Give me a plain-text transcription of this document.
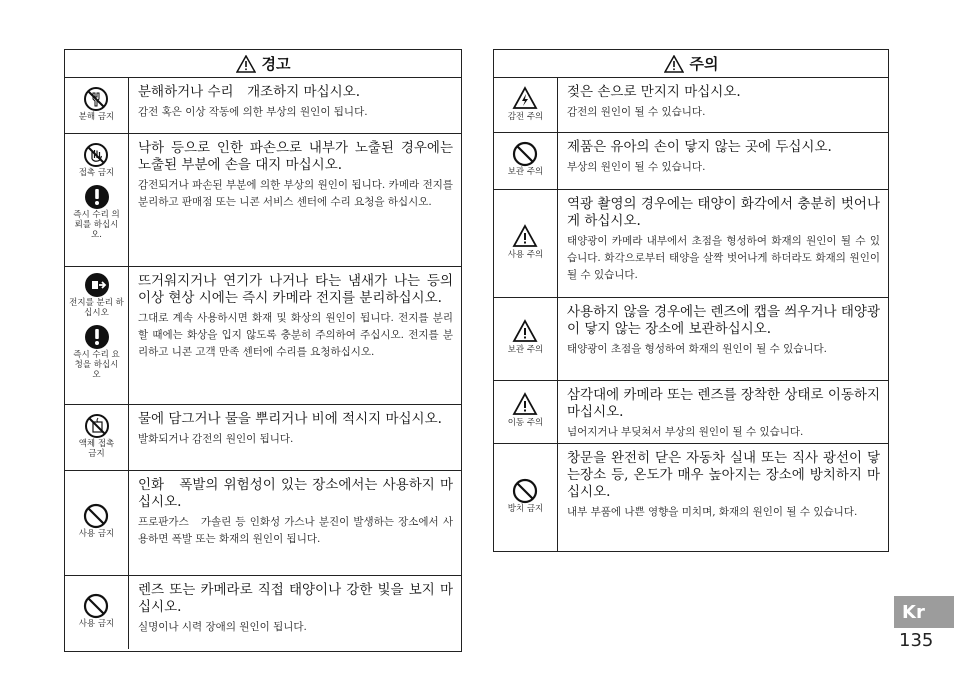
경고
분해 금지
분해하거나 수리　개조하지 마십시오.
감전 혹은 이상 작동에 의한 부상의 원인이 됩니다.
접촉 금지
즉시 수리 의뢰를 하십시오.
낙하 등으로 인한 파손으로 내부가 노출된 경우에는 노출된 부분에 손을 대지 마십시오.
감전되거나 파손된 부분에 의한 부상의 원인이 됩니다. 카메라 전지를 분리하고 판매점 또는 니콘 서비스 센터에 수리 요청을 하십시오.
전지를 분리 하십시오
즉시 수리 요청을 하십시오
뜨거워지거나 연기가 나거나 타는 냄새가 나는 등의 이상 현상 시에는 즉시 카메라 전지를 분리하십시오.
그대로 계속 사용하시면 화재 및 화상의 원인이 됩니다. 전지를 분리할 때에는 화상을 입지 않도록 충분히 주의하여 주십시오. 전지를 분리하고 니콘 고객 만족 센터에 수리를 요청하십시오.
액체 접촉 금지
물에 담그거나 물을 뿌리거나 비에 적시지 마십시오.
발화되거나 감전의 원인이 됩니다.
사용 금지
인화　폭발의 위험성이 있는 장소에서는 사용하지 마십시오.
프로판가스　가솔린 등 인화성 가스나 분진이 발생하는 장소에서 사용하면 폭발 또는 화재의 원인이 됩니다.
사용 금지
렌즈 또는 카메라로 직접 태양이나 강한 빛을 보지 마십시오.
실명이나 시력 장애의 원인이 됩니다.
주의
감전 주의
젖은 손으로 만지지 마십시오.
감전의 원인이 될 수 있습니다.
보관 주의
제품은 유아의 손이 닿지 않는 곳에 두십시오.
부상의 원인이 될 수 있습니다.
사용 주의
역광 촬영의 경우에는 태양이 화각에서 충분히 벗어나게 하십시오.
태양광이 카메라 내부에서 초점을 형성하여 화재의 원인이 될 수 있습니다. 화각으로부터 태양을 살짝 벗어나게 하더라도 화재의 원인이 될 수 있습니다.
보관 주의
사용하지 않을 경우에는 렌즈에 캡을 씌우거나 태양광이 닿지 않는 장소에 보관하십시오.
태양광이 초점을 형성하여 화재의 원인이 될 수 있습니다.
이동 주의
삼각대에 카메라 또는 렌즈를 장착한 상태로 이동하지 마십시오.
넘어지거나 부딪쳐서 부상의 원인이 될 수 있습니다.
방치 금지
창문을 완전히 닫은 자동차 실내 또는 직사 광선이 닿는장소 등, 온도가 매우 높아지는 장소에 방치하지 마십시오.
내부 부품에 나쁜 영향을 미치며, 화재의 원인이 될 수 있습니다.
Kr
135
